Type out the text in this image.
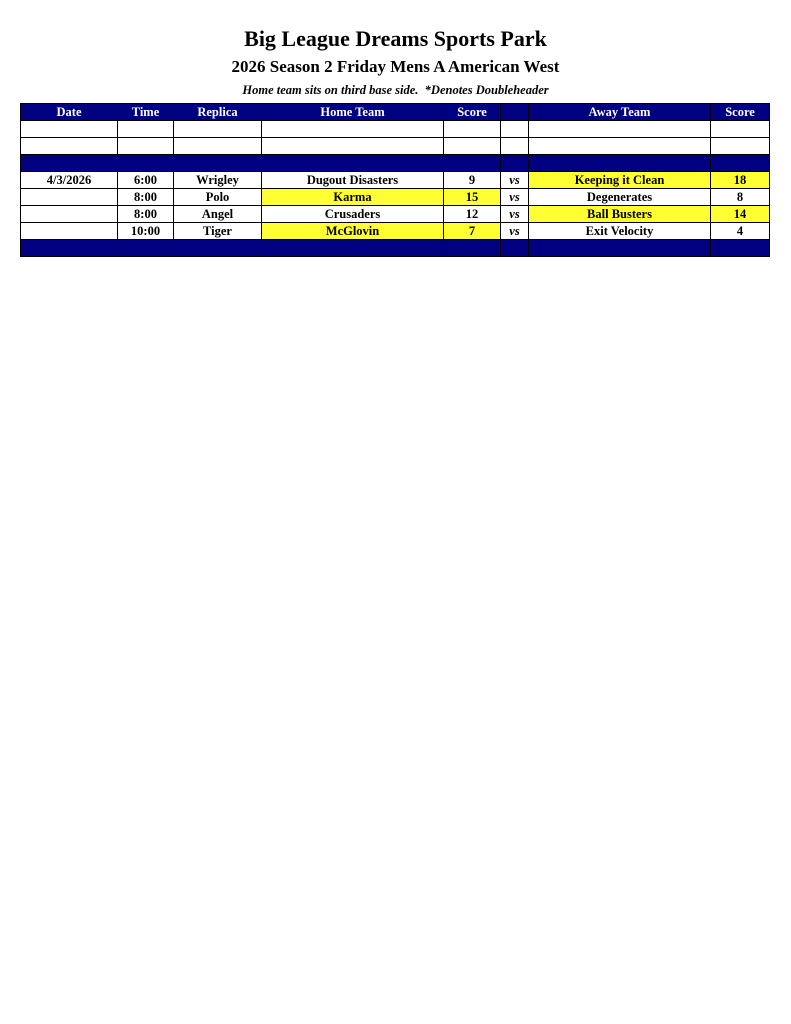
Big League Dreams Sports Park
2026 Season 2 Friday Mens A American West
Home team sits on third base side.  *Denotes Doubleheader
Date	Time	Replica	Home Team	Score		Away Team	Score

4/3/2026	6:00	Wrigley	Dugout Disasters	9	vs	Keeping it Clean	18
	8:00	Polo	Karma	15	vs	Degenerates	8
	8:00	Angel	Crusaders	12	vs	Ball Busters	14
	10:00	Tiger	McGlovin	7	vs	Exit Velocity	4
